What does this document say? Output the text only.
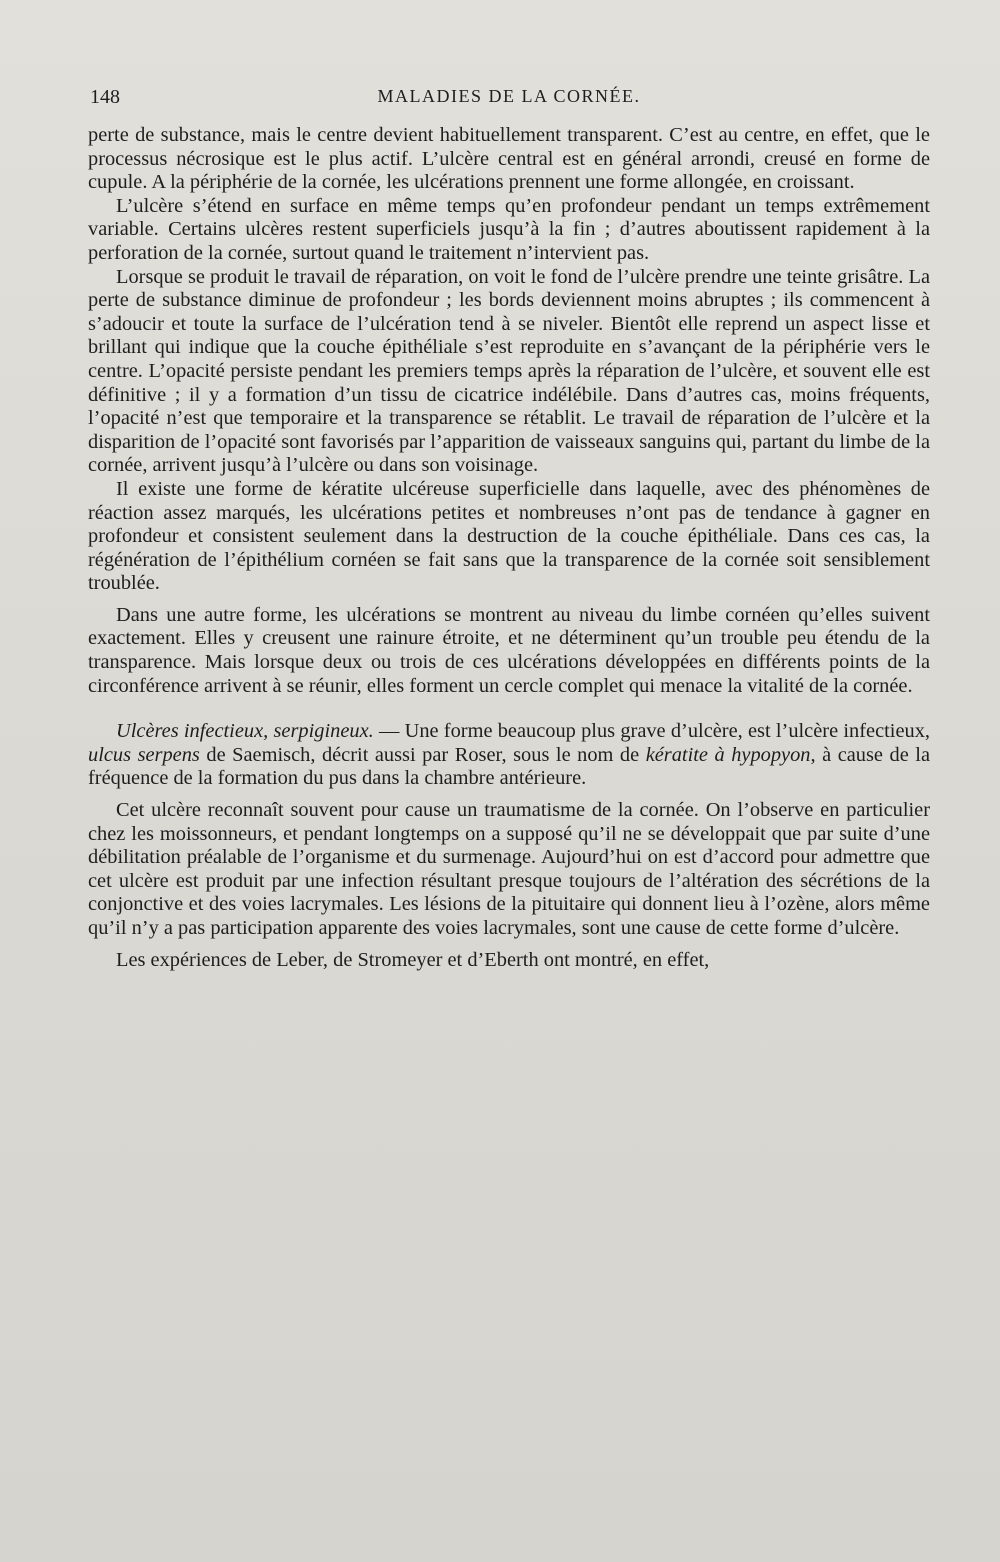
148	MALADIES DE LA CORNÉE.

perte de substance, mais le centre devient habituellement transparent. C’est au centre, en effet, que le processus nécrosique est le plus actif. L’ulcère central est en général arrondi, creusé en forme de cupule. A la périphérie de la cornée, les ulcérations prennent une forme allongée, en croissant.

L’ulcère s’étend en surface en même temps qu’en profondeur pendant un temps extrêmement variable. Certains ulcères restent superficiels jusqu’à la fin ; d’autres aboutissent rapidement à la perforation de la cornée, surtout quand le traitement n’intervient pas.

Lorsque se produit le travail de réparation, on voit le fond de l’ulcère prendre une teinte grisâtre. La perte de substance diminue de profondeur ; les bords deviennent moins abruptes ; ils commencent à s’adoucir et toute la surface de l’ulcération tend à se niveler. Bientôt elle reprend un aspect lisse et brillant qui indique que la couche épithéliale s’est reproduite en s’avançant de la périphérie vers le centre. L’opacité persiste pendant les premiers temps après la réparation de l’ulcère, et souvent elle est définitive ; il y a formation d’un tissu de cicatrice indélébile. Dans d’autres cas, moins fréquents, l’opacité n’est que temporaire et la transparence se rétablit. Le travail de réparation de l’ulcère et la disparition de l’opacité sont favorisés par l’apparition de vaisseaux sanguins qui, partant du limbe de la cornée, arrivent jusqu’à l’ulcère ou dans son voisinage.

Il existe une forme de kératite ulcéreuse superficielle dans laquelle, avec des phénomènes de réaction assez marqués, les ulcérations petites et nombreuses n’ont pas de tendance à gagner en profondeur et consistent seulement dans la destruction de la couche épithéliale. Dans ces cas, la régénération de l’épithélium cornéen se fait sans que la transparence de la cornée soit sensiblement troublée.

Dans une autre forme, les ulcérations se montrent au niveau du limbe cornéen qu’elles suivent exactement. Elles y creusent une rainure étroite, et ne déterminent qu’un trouble peu étendu de la transparence. Mais lorsque deux ou trois de ces ulcérations développées en différents points de la circonférence arrivent à se réunir, elles forment un cercle complet qui menace la vitalité de la cornée.

Ulcères infectieux, serpigineux. — Une forme beaucoup plus grave d’ulcère, est l’ulcère infectieux, ulcus serpens de Saemisch, décrit aussi par Roser, sous le nom de kératite à hypopyon, à cause de la fréquence de la formation du pus dans la chambre antérieure.

Cet ulcère reconnaît souvent pour cause un traumatisme de la cornée. On l’observe en particulier chez les moissonneurs, et pendant longtemps on a supposé qu’il ne se développait que par suite d’une débilitation préalable de l’organisme et du surmenage. Aujourd’hui on est d’accord pour admettre que cet ulcère est produit par une infection résultant presque toujours de l’altération des sécrétions de la conjonctive et des voies lacrymales. Les lésions de la pituitaire qui donnent lieu à l’ozène, alors même qu’il n’y a pas participation apparente des voies lacrymales, sont une cause de cette forme d’ulcère.

Les expériences de Leber, de Stromeyer et d’Eberth ont montré, en effet,
